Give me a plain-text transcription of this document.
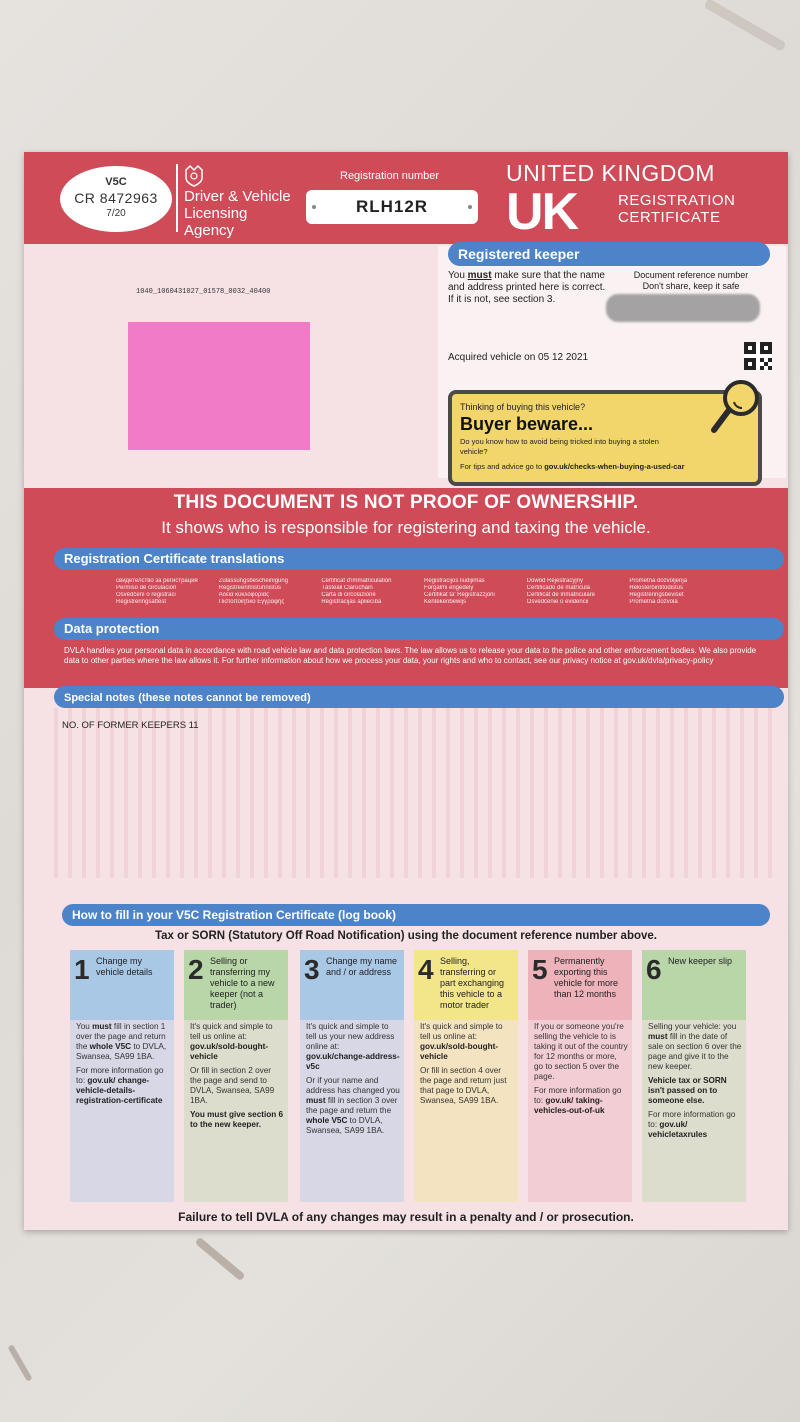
V5C
CR 8472963
7/20
Driver & Vehicle
Licensing
Agency
Registration number
RLH12R
UNITED KINGDOM
UK	REGISTRATION
CERTIFICATE
1040_1060431027_01578_0032_40400
Registered keeper
You must make sure that the name and address printed here is correct. If it is not, see section 3.
Document reference number
Don't share, keep it safe
Acquired vehicle on 05 12 2021
Thinking of buying this vehicle?
Buyer beware...
Do you know how to avoid being tricked into buying a stolen vehicle?
For tips and advice go to gov.uk/checks-when-buying-a-used-car
THIS DOCUMENT IS NOT PROOF OF OWNERSHIP.
It shows who is responsible for registering and taxing the vehicle.
Registration Certificate translations
свидетелство за регистрация	Zulassungsbescheinigung	Certificat d'immatriculation	Registracijos liudijimas	Dowód Rejestracyjny	Prometna dozvoljenja
Permiso de circulación	Registreerimistunnistus	Tàsteáil Clárúcháin	Forgalmi engedély	Certificado de matrícula	Rekisteröintitodistus
Osvědčení o registraci	Άδεια κυκλοφορίας	Carta di circolazione	Certifikat ta' Registrazzjoni	Certificat de înmatriculare	Registreringsbeviset
Registreringsattest	Πιστοποιητικό Εγγραφής	Registrācijas apliecība	Kentekenbewijs	Osvedčenie o evidencii	Prometna dozvola
Data protection
DVLA handles your personal data in accordance with road vehicle law and data protection laws. The law allows us to release your data to the police and other enforcement bodies. We also provide data to other parties where the law allows it. For further information about how we process your data, your rights and who to contact, see our privacy notice at gov.uk/dvla/privacy-policy
Special notes (these notes cannot be removed)
NO. OF FORMER KEEPERS 11
How to fill in your V5C Registration Certificate (log book)
Tax or SORN (Statutory Off Road Notification) using the document reference number above.
1 Change my vehicle details

You must fill in section 1 over the page and return the whole V5C to DVLA, Swansea, SA99 1BA.

For more information go to: gov.uk/ change-vehicle-details-registration-certificate

2 Selling or transferring my vehicle to a new keeper (not a trader)

It's quick and simple to tell us online at: gov.uk/sold-bought-vehicle

Or fill in section 2 over the page and send to DVLA, Swansea, SA99 1BA.

You must give section 6 to the new keeper.

3 Change my name and / or address

It's quick and simple to tell us your new address online at: gov.uk/change-address-v5c

Or if your name and address has changed you must fill in section 3 over the page and return the whole V5C to DVLA, Swansea, SA99 1BA.

4 Selling, transferring or part exchanging this vehicle to a motor trader

It's quick and simple to tell us online at: gov.uk/sold-bought-vehicle

Or fill in section 4 over the page and return just that page to DVLA, Swansea, SA99 1BA.

5 Permanently exporting this vehicle for more than 12 months

If you or someone you're selling the vehicle to is taking it out of the country for 12 months or more, go to section 5 over the page.

For more information go to: gov.uk/ taking-vehicles-out-of-uk

6 New keeper slip

Selling your vehicle: you must fill in the date of sale on section 6 over the page and give it to the new keeper.

Vehicle tax or SORN isn't passed on to someone else.

For more information go to: gov.uk/ vehicletaxrules

Failure to tell DVLA of any changes may result in a penalty and / or prosecution.
